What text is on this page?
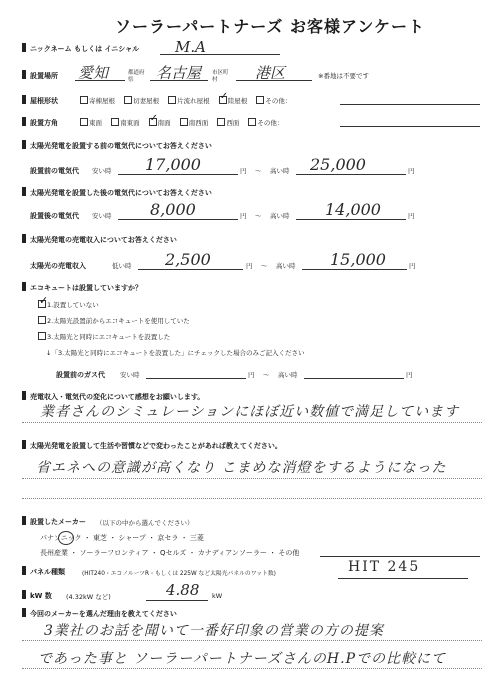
ソーラーパートナーズ お客様アンケート
ニックネーム もしくは イニシャル M.A
設置場所 愛知	都道府県	名古屋 市区町村	港区	※番地は不要です
屋根形状	寄棟屋根	切妻屋根	片流れ屋根 ✓ 陸屋根	その他：
設置方角	東面	南東面 ✓ 南面	南西面	西面	その他：
太陽光発電を設置する前の電気代についてお答えください
設置前の電気代 安い時 17,000	円 〜 高い時 25,000	円
太陽光発電を設置した後の電気代についてお答えください
設置後の電気代 安い時 8,000	円 〜 高い時 14,000	円
太陽光発電の売電収入についてお答えください
太陽光の売電収入	低い時 2,500	円 〜 高い時 15,000	円
エコキュートは設置していますか？
✓
1.設置していない
2.太陽光設置前からエコキュートを使用していた
3.太陽光と同時にエコキュートを設置した
↓「3.太陽光と同時にエコキュートを設置した」にチェックした場合のみご記入ください
設置前のガス代 安い時	円 〜 高い時	円
売電収入・電気代の変化について感想をお願いします。
業者さんのシミュレーションにほぼ近い数値で満足しています
太陽光発電を設置して生活や習慣などで変わったことがあれば教えてください。
省エネへの意識が高くなり こまめな消燈をするようになった
設置したメーカー （以下の中から選んでください）
パナソニック ・ 東芝 ・ シャープ ・ 京セラ ・ 三菱
長州産業 ・ ソーラーフロンティア ・ Qセルズ ・ カナディアンソーラー ・ その他
パネル種類	(HIT240・エコノルーツR・もしくは 225W など太陽光パネルのワット数)	HIT 245
kW 数 (4.32kW など)	4.88 kW
今回のメーカーを選んだ理由を教えてください
3業社のお話を聞いて一番好印象の営業の方の提案
であった事と ソーラーパートナーズさんのH.Pでの比較にて
